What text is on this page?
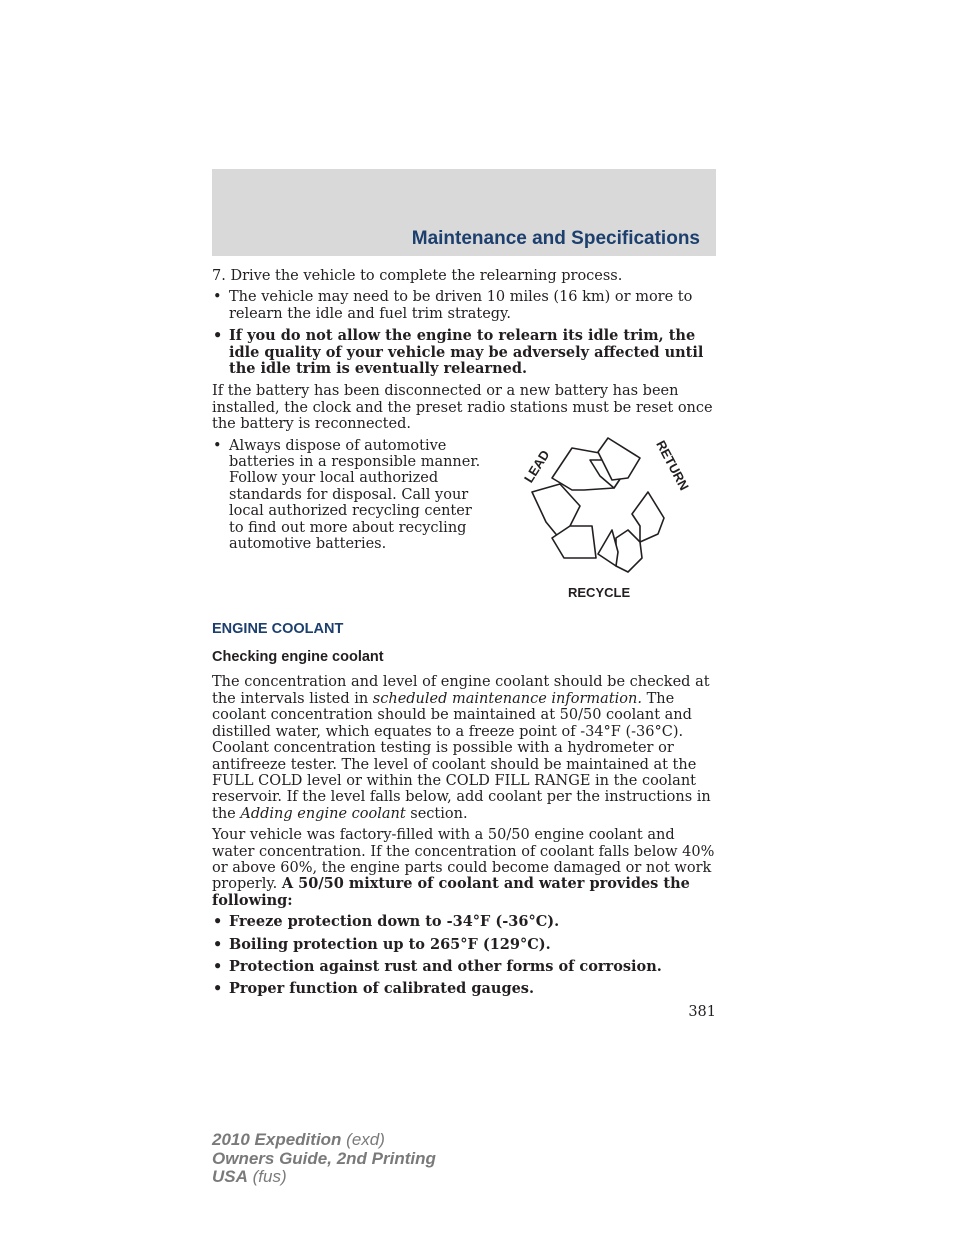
Maintenance and Specifications

7. Drive the vehicle to complete the relearning process.

• The vehicle may need to be driven 10 miles (16 km) or more to relearn the idle and fuel trim strategy.
• If you do not allow the engine to relearn its idle trim, the idle quality of your vehicle may be adversely affected until the idle trim is eventually relearned.

If the battery has been disconnected or a new battery has been installed, the clock and the preset radio stations must be reset once the battery is reconnected.

• Always dispose of automotive batteries in a responsible manner. Follow your local authorized standards for disposal. Call your local authorized recycling center to find out more about recycling automotive batteries.
LEAD	RETURN
RECYCLE
ENGINE COOLANT
Checking engine coolant

The concentration and level of engine coolant should be checked at the intervals listed in scheduled maintenance information. The coolant concentration should be maintained at 50/50 coolant and distilled water, which equates to a freeze point of -34°F (-36°C). Coolant concentration testing is possible with a hydrometer or antifreeze tester. The level of coolant should be maintained at the FULL COLD level or within the COLD FILL RANGE in the coolant reservoir. If the level falls below, add coolant per the instructions in the Adding engine coolant section.

Your vehicle was factory-filled with a 50/50 engine coolant and water concentration. If the concentration of coolant falls below 40% or above 60%, the engine parts could become damaged or not work properly. A 50/50 mixture of coolant and water provides the following:

• Freeze protection down to -34°F (-36°C).
• Boiling protection up to 265°F (129°C).
• Protection against rust and other forms of corrosion.
• Proper function of calibrated gauges.
381
2010 Expedition (exd)
Owners Guide, 2nd Printing
USA (fus)
